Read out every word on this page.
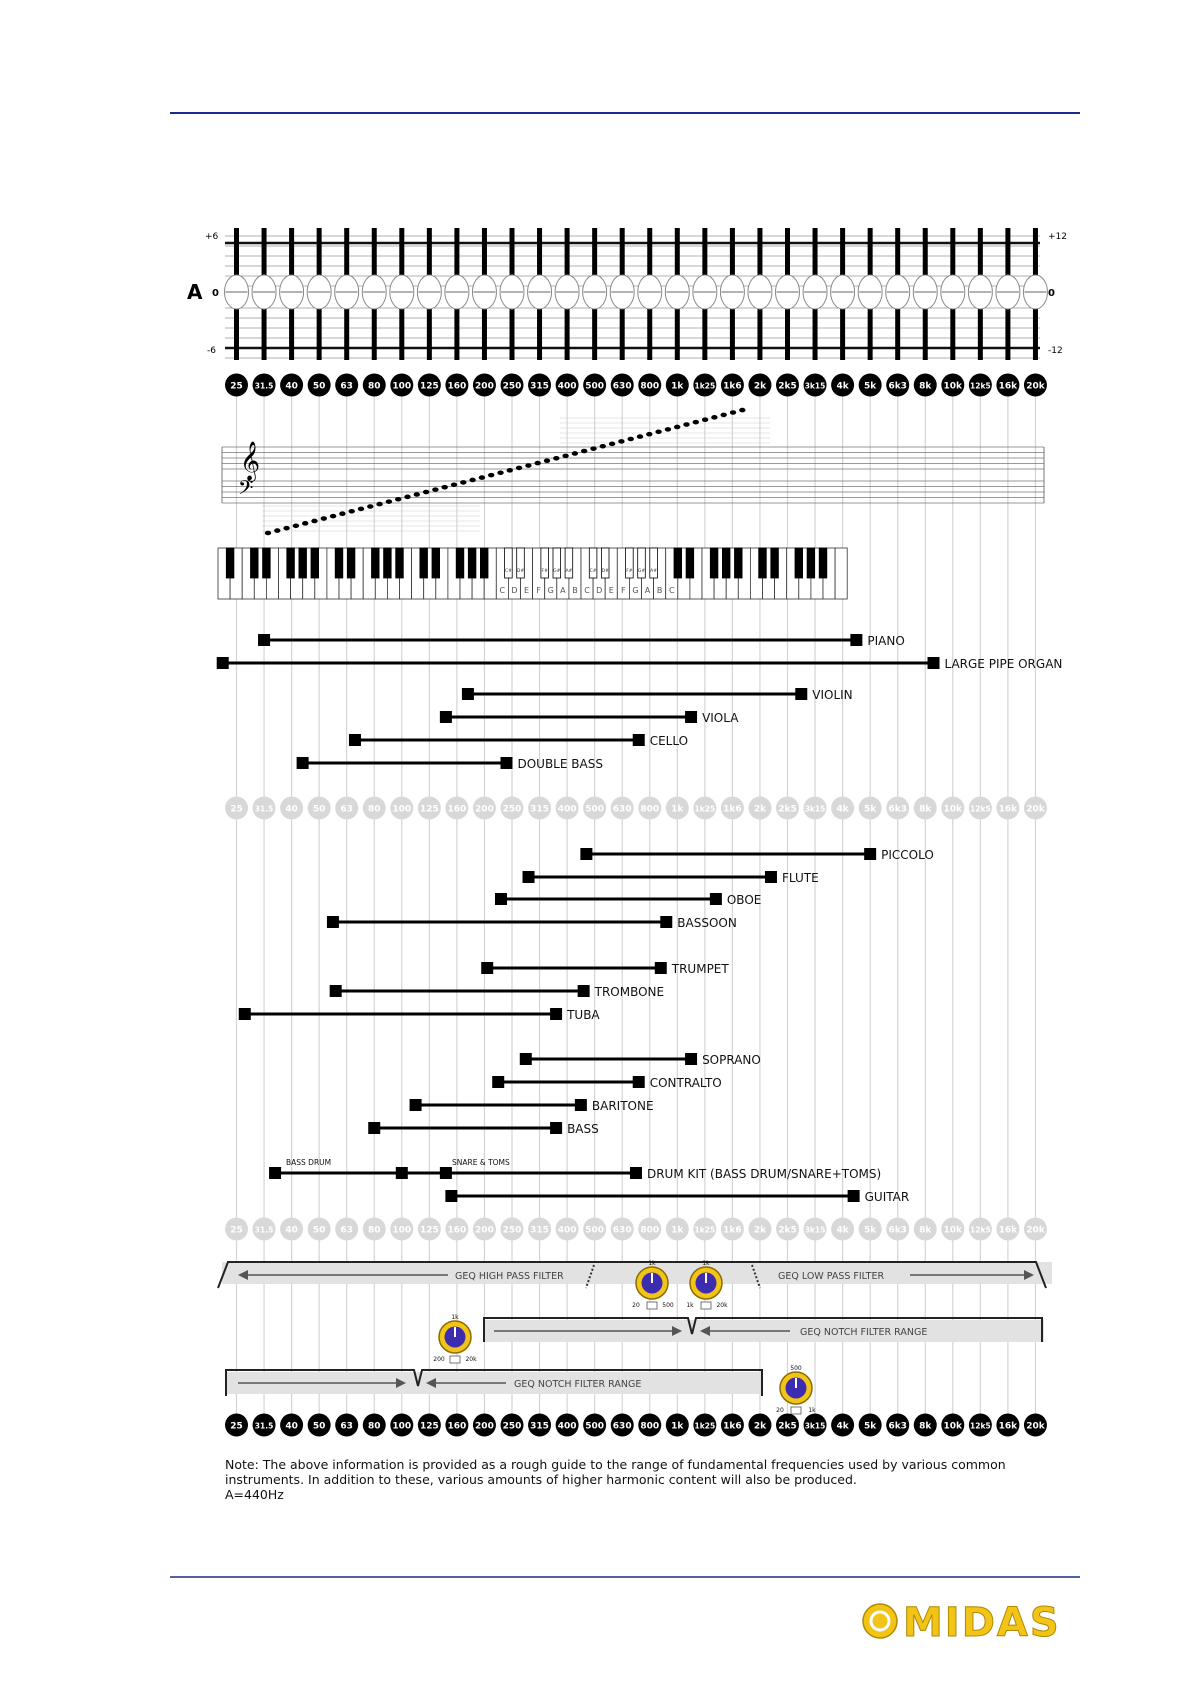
A
+6
0
-6
+12
0
-12
25 31.5 40 50 63 80 100 125 160 200 250 315 400 500 630 800 1k 1k25 1k6 2k 2k5 3k15 4k 5k 6k3 8k 10k 12k5 16k 20k
𝄞
𝄢
C# D#	F# G# A#	C# D#	F# G# A#
C D E F G A B C D E F G A B C
PIANO
LARGE PIPE ORGAN
VIOLIN
VIOLA
CELLO
DOUBLE BASS
PICCOLO
FLUTE
OBOE
BASSOON
TRUMPET
TROMBONE
TUBA
SOPRANO
CONTRALTO
BARITONE
BASS
DRUM KIT (BASS DRUM/SNARE+TOMS)
GUITAR
BASS DRUM	SNARE & TOMS
25 31.5 40 50 63 80 100 125 160 200 250 315 400 500 630 800 1k 1k25 1k6 2k 2k5 3k15 4k 5k 6k3 8k 10k 12k5 16k 20k
25 31.5 40 50 63 80 100 125 160 200 250 315 400 500 630 800 1k 1k25 1k6 2k 2k5 3k15 4k 5k 6k3 8k 10k 12k5 16k 20k
GEQ HIGH PASS FILTER	GEQ LOW PASS FILTER
GEQ NOTCH FILTER RANGE
GEQ NOTCH FILTER RANGE
1k
20	500
1k
1k	20k
1k
200	20k
500
20	1k
25 31.5 40 50 63 80 100 125 160 200 250 315 400 500 630 800 1k 1k25 1k6 2k 2k5 3k15 4k 5k 6k3 8k 10k 12k5 16k 20k
MIDAS
Note: The above information is provided as a rough guide to the range of fundamental frequencies used by various common
instruments. In addition to these, various amounts of higher harmonic content will also be produced.
A=440Hz
